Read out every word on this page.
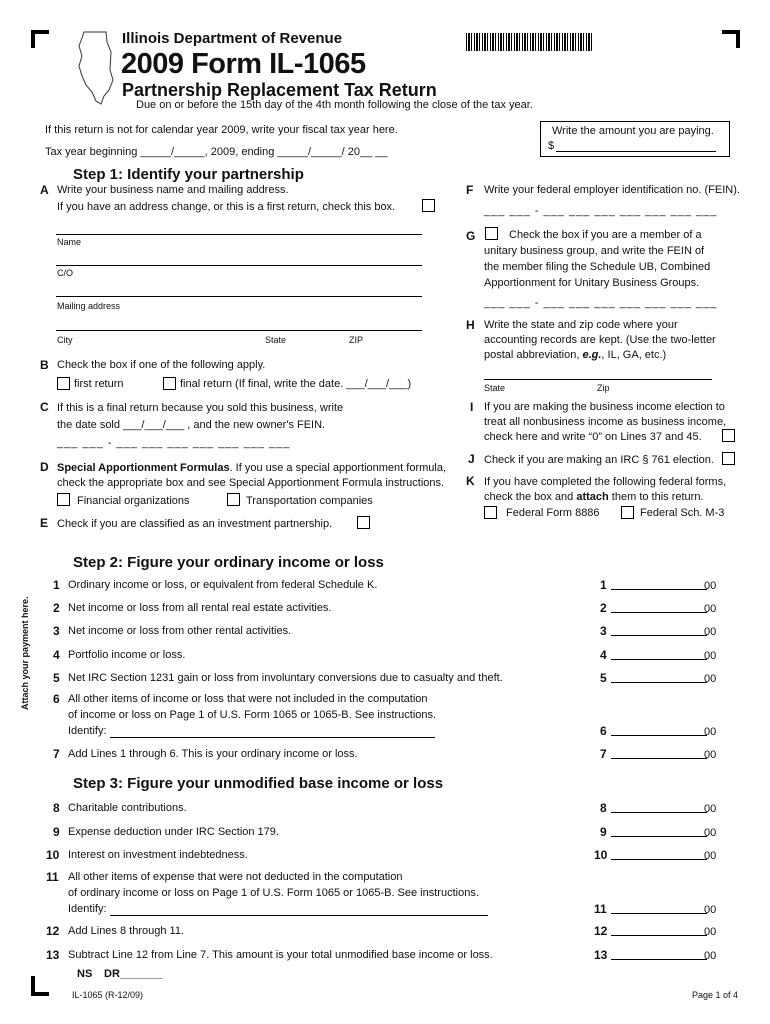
Illinois Department of Revenue
2009 Form IL-1065
Partnership Replacement Tax Return
Due on or before the 15th day of the 4th month following the close of the tax year.
If this return is not for calendar year 2009, write your fiscal tax year here.
Tax year beginning _____/_____, 2009, ending _____/_____/ 20__ __
Write the amount you are paying.
$
Step 1: Identify your partnership
A Write your business name and mailing address.
If you have an address change, or this is a first return, check this box.
Name
C/O
Mailing address
City	State	ZIP
B Check the box if one of the following apply.
first return	final return (If final, write the date. ___/___/___)
C If this is a final return because you sold this business, write
the date sold ___/___/___ , and the new owner's FEIN.
___ ___ - ___ ___ ___ ___ ___ ___ ___
D Special Apportionment Formulas. If you use a special apportionment formula,
check the appropriate box and see Special Apportionment Formula instructions.
Financial organizations	Transportation companies
E Check if you are classified as an investment partnership.
F Write your federal employer identification no. (FEIN).
___ ___ - ___ ___ ___ ___ ___ ___ ___
G	Check the box if you are a member of a
unitary business group, and write the FEIN of
the member filing the Schedule UB, Combined
Apportionment for Unitary Business Groups.
___ ___ - ___ ___ ___ ___ ___ ___ ___
H Write the state and zip code where your
accounting records are kept. (Use the two-letter
postal abbreviation, e.g., IL, GA, etc.)
State	Zip
I If you are making the business income election to
treat all nonbusiness income as business income,
check here and write “0” on Lines 37 and 45.
J Check if you are making an IRC § 761 election.
K If you have completed the following federal forms,
check the box and attach them to this return.
Federal Form 8886	Federal Sch. M-3
Attach your payment here.
Step 2: Figure your ordinary income or loss
1 Ordinary income or loss, or equivalent from federal Schedule K.	1	00
2 Net income or loss from all rental real estate activities.	2	00
3 Net income or loss from other rental activities.	3	00
4 Portfolio income or loss.	4	00
5 Net IRC Section 1231 gain or loss from involuntary conversions due to casualty and theft.	5	00
6 All other items of income or loss that were not included in the computation
of income or loss on Page 1 of U.S. Form 1065 or 1065-B. See instructions.
Identify:	6	00
7 Add Lines 1 through 6. This is your ordinary income or loss.	7	00
Step 3: Figure your unmodified base income or loss
8 Charitable contributions.	8	00
9 Expense deduction under IRC Section 179.	9	00
10 Interest on investment indebtedness.	10	00
11 All other items of expense that were not deducted in the computation
of ordinary income or loss on Page 1 of U.S. Form 1065 or 1065-B. See instructions.
Identify:	11	00
12 Add Lines 8 through 11.	12	00
13 Subtract Line 12 from Line 7. This amount is your total unmodified base income or loss.	13	00
NS DR_______
IL-1065 (R-12/09)	Page 1 of 4
